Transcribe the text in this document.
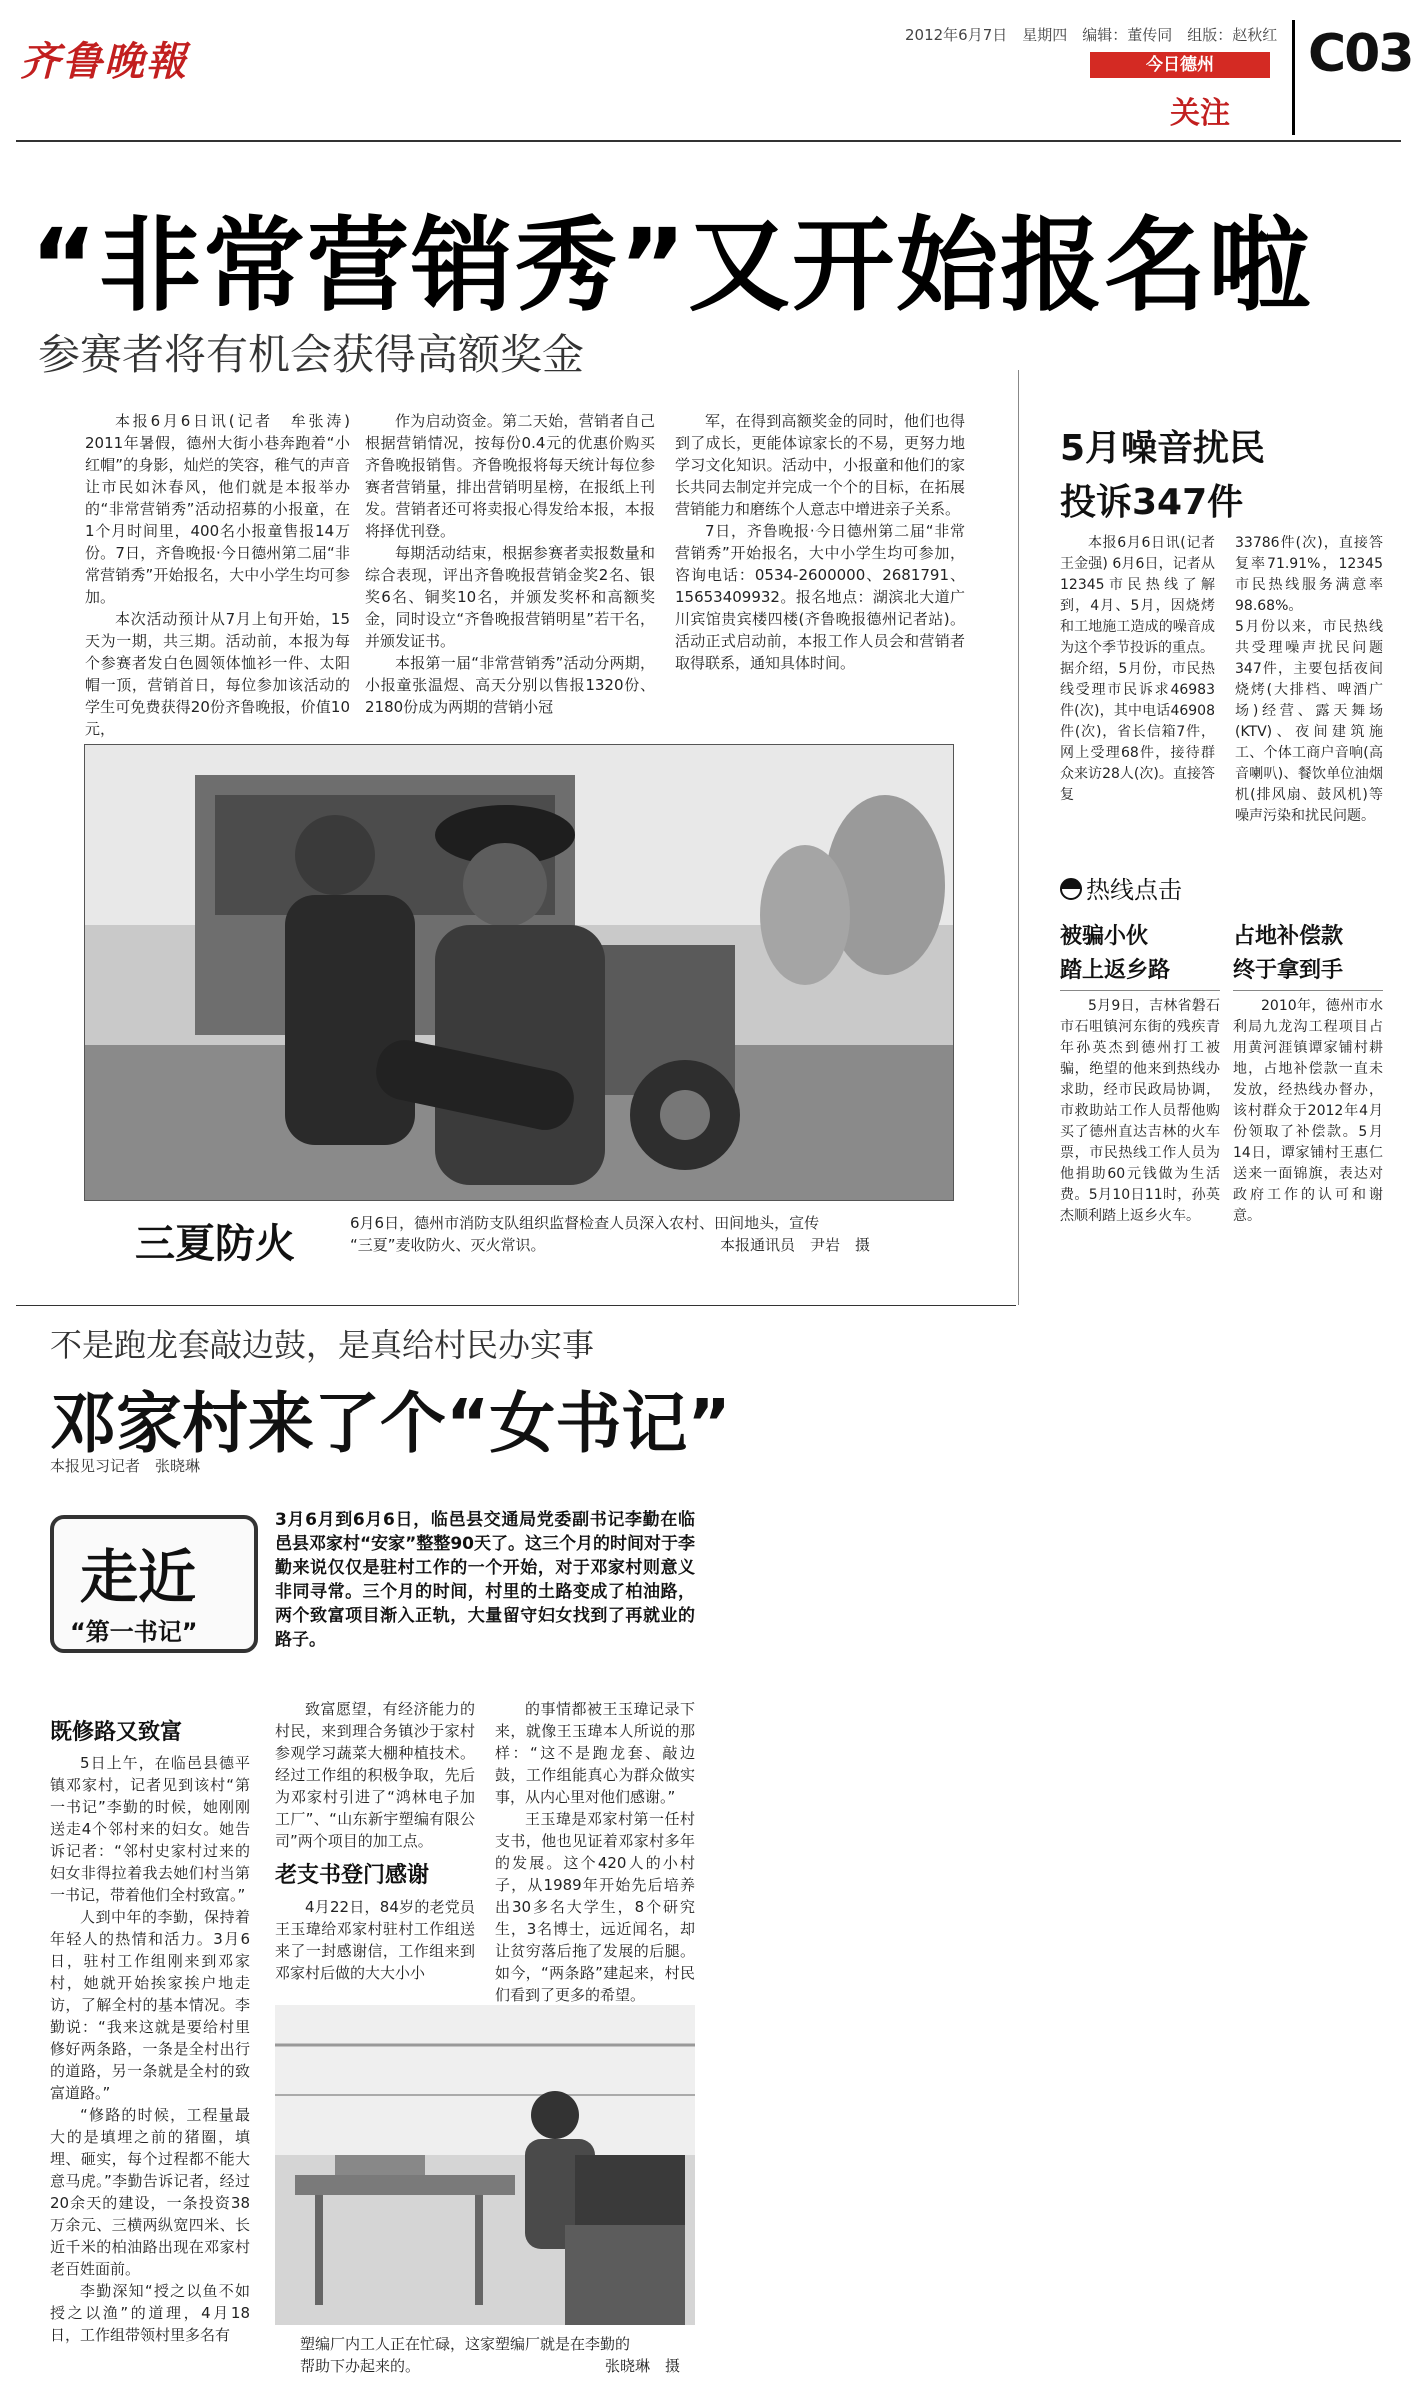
齐鲁晚報
2012年6月7日　星期四　编辑：董传同　组版：赵秋红
今日德州
关注
C03
“非常营销秀”又开始报名啦
参赛者将有机会获得高额奖金

本报6月6日讯(记者　牟张涛) 2011年暑假，德州大街小巷奔跑着“小红帽”的身影，灿烂的笑容，稚气的声音让市民如沐春风，他们就是本报举办的“非常营销秀”活动招募的小报童，在1个月时间里，400名小报童售报14万份。7日，齐鲁晚报·今日德州第二届“非常营销秀”开始报名，大中小学生均可参加。

本次活动预计从7月上旬开始，15天为一期，共三期。活动前，本报为每个参赛者发白色圆领体恤衫一件、太阳帽一顶，营销首日，每位参加该活动的学生可免费获得20份齐鲁晚报，价值10元，

作为启动资金。第二天始，营销者自己根据营销情况，按每份0.4元的优惠价购买齐鲁晚报销售。齐鲁晚报将每天统计每位参赛者营销量，排出营销明星榜，在报纸上刊发。营销者还可将卖报心得发给本报，本报将择优刊登。

每期活动结束，根据参赛者卖报数量和综合表现，评出齐鲁晚报营销金奖2名、银奖6名、铜奖10名，并颁发奖杯和高额奖金，同时设立“齐鲁晚报营销明星”若干名，并颁发证书。

本报第一届“非常营销秀”活动分两期，小报童张温煜、高天分别以售报1320份、2180份成为两期的营销小冠

军，在得到高额奖金的同时，他们也得到了成长，更能体谅家长的不易，更努力地学习文化知识。活动中，小报童和他们的家长共同去制定并完成一个个的目标，在拓展营销能力和磨练个人意志中增进亲子关系。

7日，齐鲁晚报·今日德州第二届“非常营销秀”开始报名，大中小学生均可参加，咨询电话：0534-2600000、2681791、15653409932。报名地点：湖滨北大道广川宾馆贵宾楼四楼(齐鲁晚报德州记者站)。活动正式启动前，本报工作人员会和营销者取得联系，通知具体时间。

三夏防火	6月6日，德州市消防支队组织监督检查人员深入农村、田间地头，宣传
“三夏”麦收防火、灭火常识。	本报通讯员　尹岩　摄
5月噪音扰民
投诉347件
本报6月6日讯(记者　王金强) 6月6日，记者从12345市民热线了解到，4月、5月，因烧烤和工地施工造成的噪音成为这个季节投诉的重点。
据介绍，5月份，市民热线受理市民诉求46983件(次)，其中电话46908件(次)，省长信箱7件，网上受理68件，接待群众来访28人(次)。直接答复
33786件(次)，直接答复率71.91%，12345市民热线服务满意率98.68%。
5月份以来，市民热线共受理噪声扰民问题347件，主要包括夜间烧烤(大排档、啤酒广场)经营、露天舞场(KTV)、夜间建筑施工、个体工商户音响(高音喇叭)、餐饮单位油烟机(排风扇、鼓风机)等噪声污染和扰民问题。
热线点击
被骗小伙
踏上返乡路
5月9日，吉林省磐石市石咀镇河东街的残疾青年孙英杰到德州打工被骗，绝望的他来到热线办求助，经市民政局协调，市救助站工作人员帮他购买了德州直达吉林的火车票，市民热线工作人员为他捐助60元钱做为生活费。5月10日11时，孙英杰顺利踏上返乡火车。
占地补偿款
终于拿到手
2010年，德州市水利局九龙沟工程项目占用黄河涯镇谭家铺村耕地，占地补偿款一直未发放，经热线办督办，该村群众于2012年4月份领取了补偿款。5月14日，谭家铺村王惠仁送来一面锦旗，表达对政府工作的认可和谢意。
不是跑龙套敲边鼓，是真给村民办实事
邓家村来了个“女书记”
本报见习记者　张晓琳
走近
“第一书记”
3月6月到6月6日，临邑县交通局党委副书记李勤在临邑县邓家村“安家”整整90天了。这三个月的时间对于李勤来说仅仅是驻村工作的一个开始，对于邓家村则意义非同寻常。三个月的时间，村里的土路变成了柏油路，两个致富项目渐入正轨，大量留守妇女找到了再就业的路子。
既修路又致富

5日上午，在临邑县德平镇邓家村，记者见到该村“第一书记”李勤的时候，她刚刚送走4个邻村来的妇女。她告诉记者：“邻村史家村过来的妇女非得拉着我去她们村当第一书记，带着他们全村致富。”

人到中年的李勤，保持着年轻人的热情和活力。3月6日，驻村工作组刚来到邓家村，她就开始挨家挨户地走访，了解全村的基本情况。李勤说：“我来这就是要给村里修好两条路，一条是全村出行的道路，另一条就是全村的致富道路。”

“修路的时候，工程量最大的是填埋之前的猪圈，填埋、砸实，每个过程都不能大意马虎。”李勤告诉记者，经过20余天的建设，一条投资38万余元、三横两纵宽四米、长近千米的柏油路出现在邓家村老百姓面前。

李勤深知“授之以鱼不如授之以渔”的道理，4月18日，工作组带领村里多名有

致富愿望，有经济能力的村民，来到理合务镇沙于家村参观学习蔬菜大棚种植技术。经过工作组的积极争取，先后为邓家村引进了“鸿林电子加工厂”、“山东新宇塑编有限公司”两个项目的加工点。

老支书登门感谢

4月22日，84岁的老党员王玉瑋给邓家村驻村工作组送来了一封感谢信，工作组来到邓家村后做的大大小小

的事情都被王玉瑋记录下来，就像王玉瑋本人所说的那样：“这不是跑龙套、敲边鼓，工作组能真心为群众做实事，从内心里对他们感谢。”

王玉瑋是邓家村第一任村支书，他也见证着邓家村多年的发展。这个420人的小村子，从1989年开始先后培养出30多名大学生，8个研究生，3名博士，远近闻名，却让贫穷落后拖了发展的后腿。如今，“两条路”建起来，村民们看到了更多的希望。

塑编厂内工人正在忙碌，这家塑编厂就是在李勤的
帮助下办起来的。	张晓琳　摄
